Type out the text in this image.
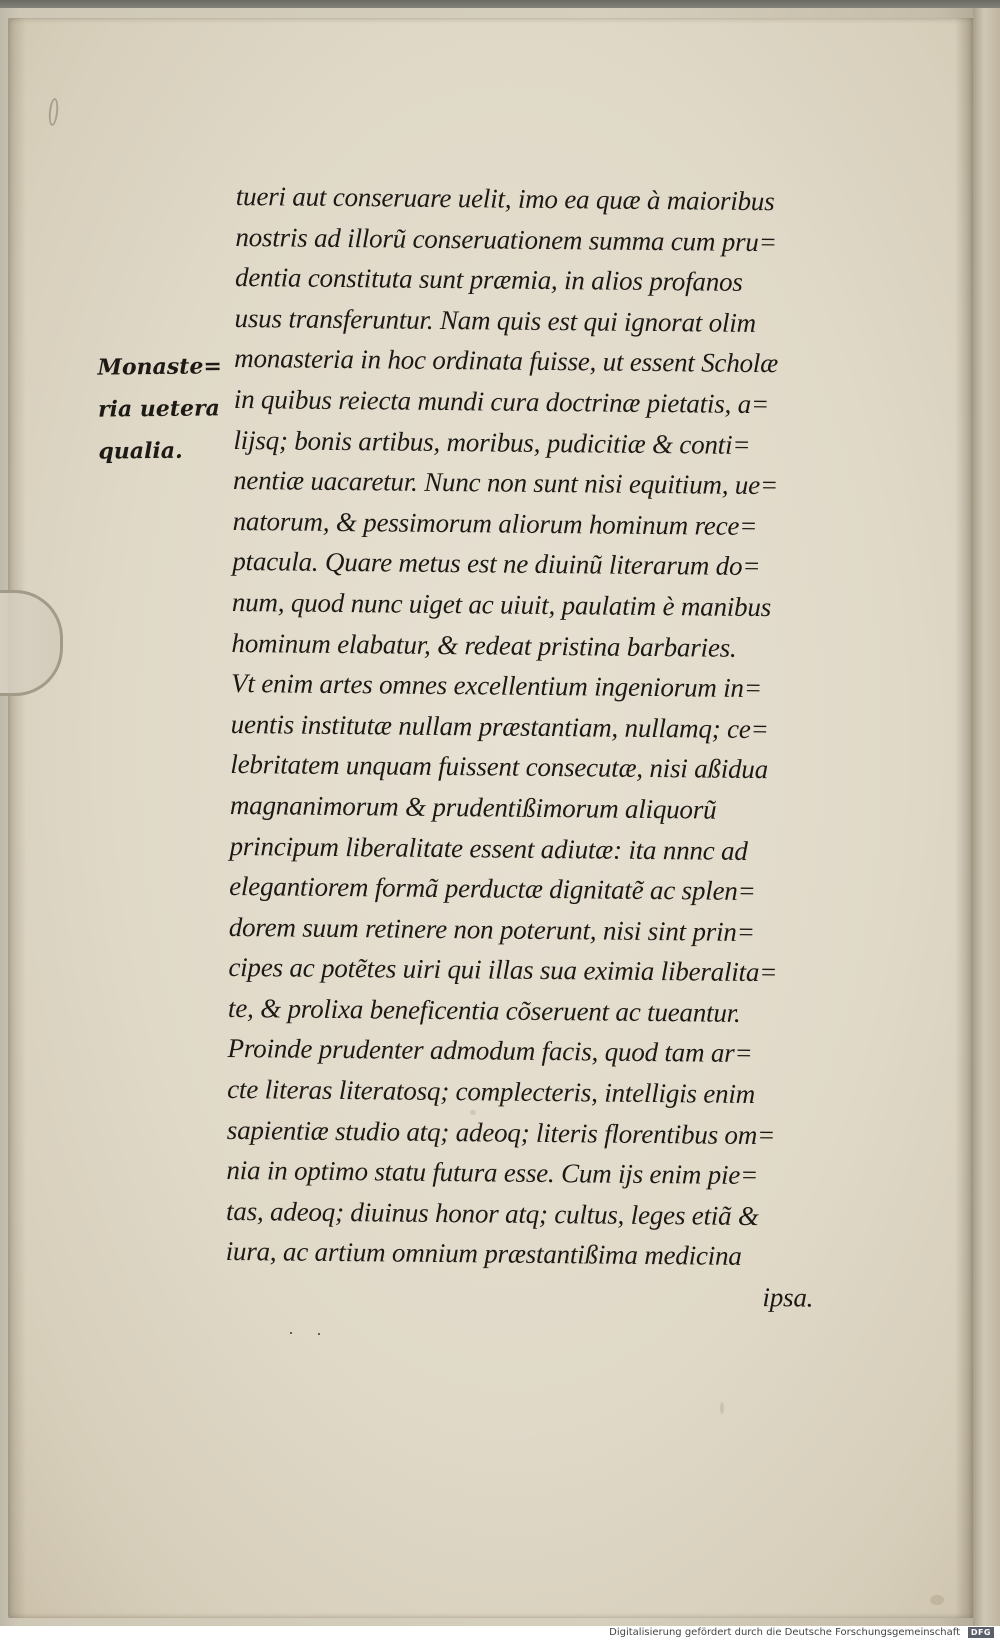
Monaste=
ria uetera
qualia.
tueri aut conseruare uelit, imo ea quæ à maioribus
nostris ad illorũ conseruationem summa cum pru=
dentia constituta sunt præmia, in alios profanos
usus transferuntur. Nam quis est qui ignorat olim
monasteria in hoc ordinata fuisse, ut essent Scholæ
in quibus reiecta mundi cura doctrinæ pietatis, a=
lijsq; bonis artibus, moribus, pudicitiæ & conti=
nentiæ uacaretur. Nunc non sunt nisi equitium, ue=
natorum, & pessimorum aliorum hominum rece=
ptacula. Quare metus est ne diuinũ literarum do=
num, quod nunc uiget ac uiuit, paulatim è manibus
hominum elabatur, & redeat pristina barbaries.
Vt enim artes omnes excellentium ingeniorum in=
uentis institutæ nullam præstantiam, nullamq; ce=
lebritatem unquam fuissent consecutæ, nisi aßidua
magnanimorum & prudentißimorum aliquorũ
principum liberalitate essent adiutæ: ita nnnc ad
elegantiorem formã perductæ dignitatẽ ac splen=
dorem suum retinere non poterunt, nisi sint prin=
cipes ac potẽtes uiri qui illas sua eximia liberalita=
te, & prolixa beneficentia cõseruent ac tueantur.
Proinde prudenter admodum facis, quod tam ar=
cte literas literatosq; complecteris, intelligis enim
sapientiæ studio atq; adeoq; literis florentibus om=
nia in optimo statu futura esse. Cum ijs enim pie=
tas, adeoq; diuinus honor atq; cultus, leges etiã &
iura, ac artium omnium præstantißima medicina
ipsa.
Digitalisierung gefördert durch die Deutsche Forschungsgemeinschaft	DFG
